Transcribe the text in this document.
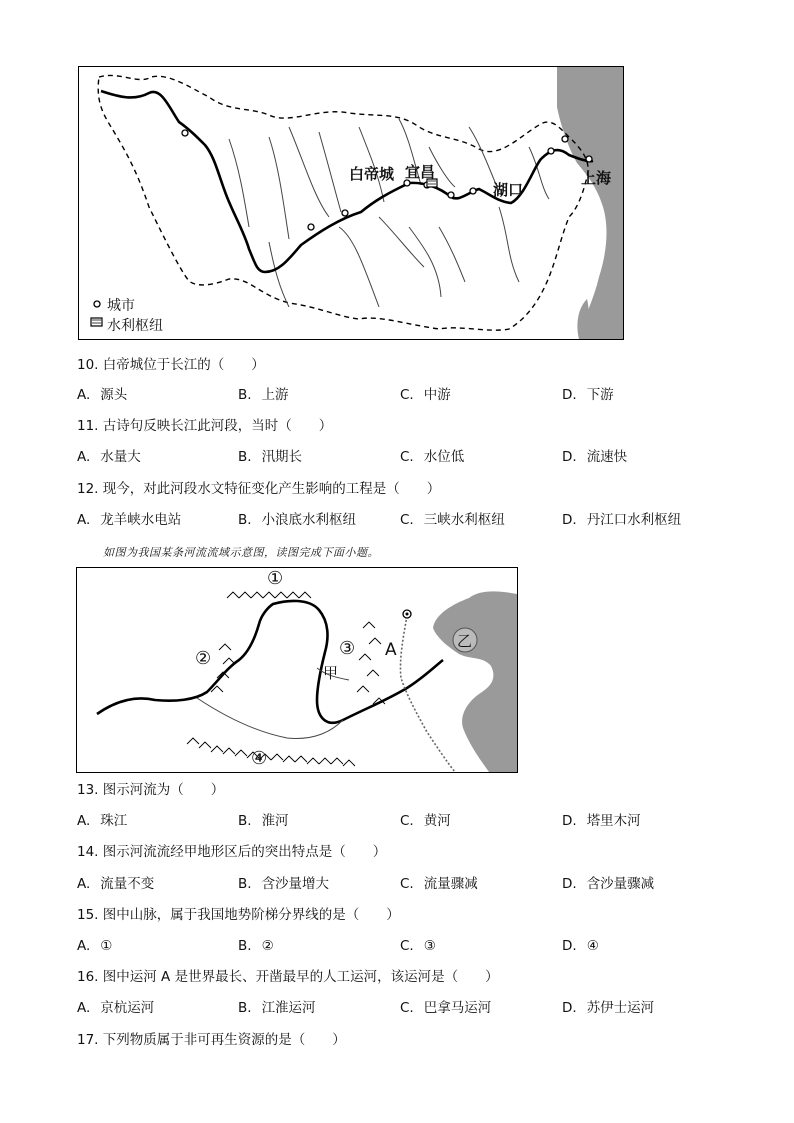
白帝城 宜昌
湖口
上海
城市
水利枢纽
10. 白帝城位于长江的（　　）
A. 源头	B. 上游	C. 中游	D. 下游
11. 古诗句反映长江此河段，当时（　　）
A. 水量大	B. 汛期长	C. 水位低	D. 流速快
12. 现今，对此河段水文特征变化产生影响的工程是（　　）
A. 龙羊峡水电站	B. 小浪底水利枢纽	C. 三峡水利枢纽	D. 丹江口水利枢纽
如图为我国某条河流流域示意图，读图完成下面小题。
①
②	③
④
甲
乙
A
13. 图示河流为（　　）
A. 珠江	B. 淮河	C. 黄河	D. 塔里木河
14. 图示河流流经甲地形区后的突出特点是（　　）
A. 流量不变	B. 含沙量增大	C. 流量骤减	D. 含沙量骤减
15. 图中山脉，属于我国地势阶梯分界线的是（　　）
A. ①	B. ②	C. ③	D. ④
16. 图中运河 A 是世界最长、开凿最早的人工运河，该运河是（　　）
A. 京杭运河	B. 江淮运河	C. 巴拿马运河	D. 苏伊士运河
17. 下列物质属于非可再生资源的是（　　）
